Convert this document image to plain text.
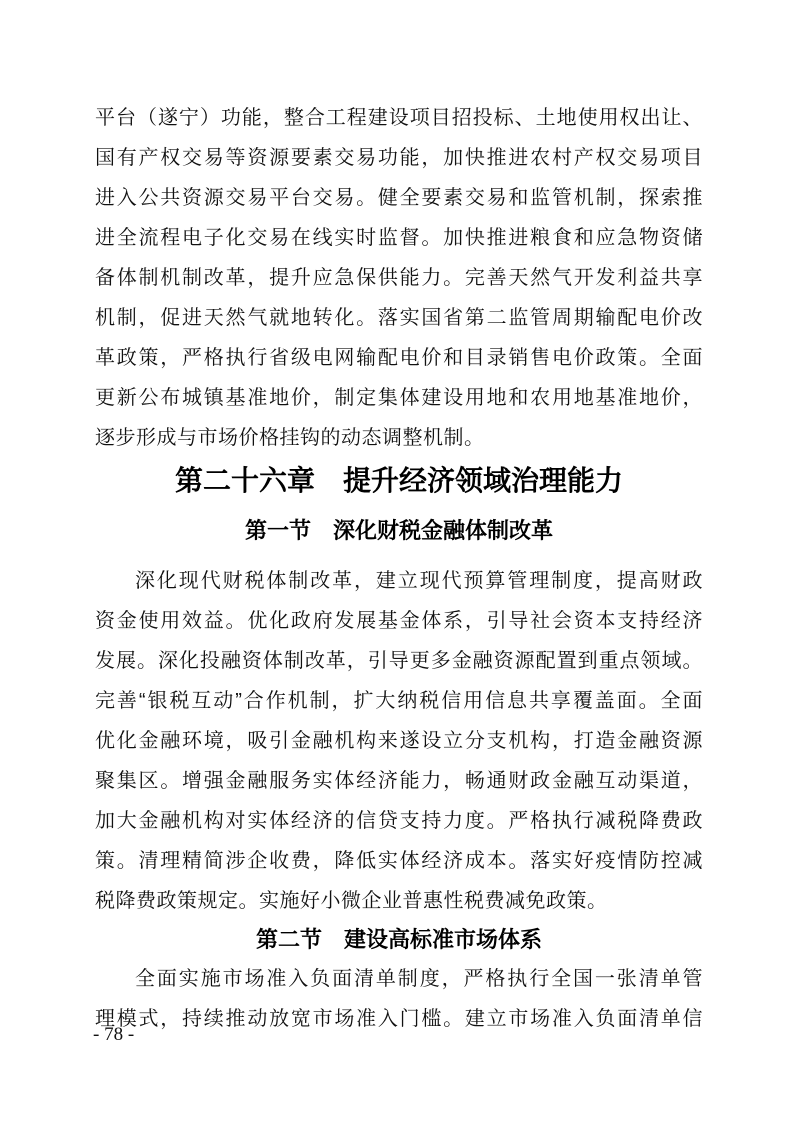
平台（遂宁）功能，整合工程建设项目招投标、土地使用权出让、
国有产权交易等资源要素交易功能，加快推进农村产权交易项目
进入公共资源交易平台交易。健全要素交易和监管机制，探索推
进全流程电子化交易在线实时监督。加快推进粮食和应急物资储
备体制机制改革，提升应急保供能力。完善天然气开发利益共享
机制，促进天然气就地转化。落实国省第二监管周期输配电价改
革政策，严格执行省级电网输配电价和目录销售电价政策。全面
更新公布城镇基准地价，制定集体建设用地和农用地基准地价，
逐步形成与市场价格挂钩的动态调整机制。
第二十六章　提升经济领域治理能力
第一节　深化财税金融体制改革
深化现代财税体制改革，建立现代预算管理制度，提高财政
资金使用效益。优化政府发展基金体系，引导社会资本支持经济
发展。深化投融资体制改革，引导更多金融资源配置到重点领域。
完善“银税互动”合作机制，扩大纳税信用信息共享覆盖面。全面
优化金融环境，吸引金融机构来遂设立分支机构，打造金融资源
聚集区。增强金融服务实体经济能力，畅通财政金融互动渠道，
加大金融机构对实体经济的信贷支持力度。严格执行减税降费政
策。清理精简涉企收费，降低实体经济成本。落实好疫情防控减
税降费政策规定。实施好小微企业普惠性税费减免政策。
第二节　建设高标准市场体系
全面实施市场准入负面清单制度，严格执行全国一张清单管
理模式，持续推动放宽市场准入门槛。建立市场准入负面清单信
- 78 -
